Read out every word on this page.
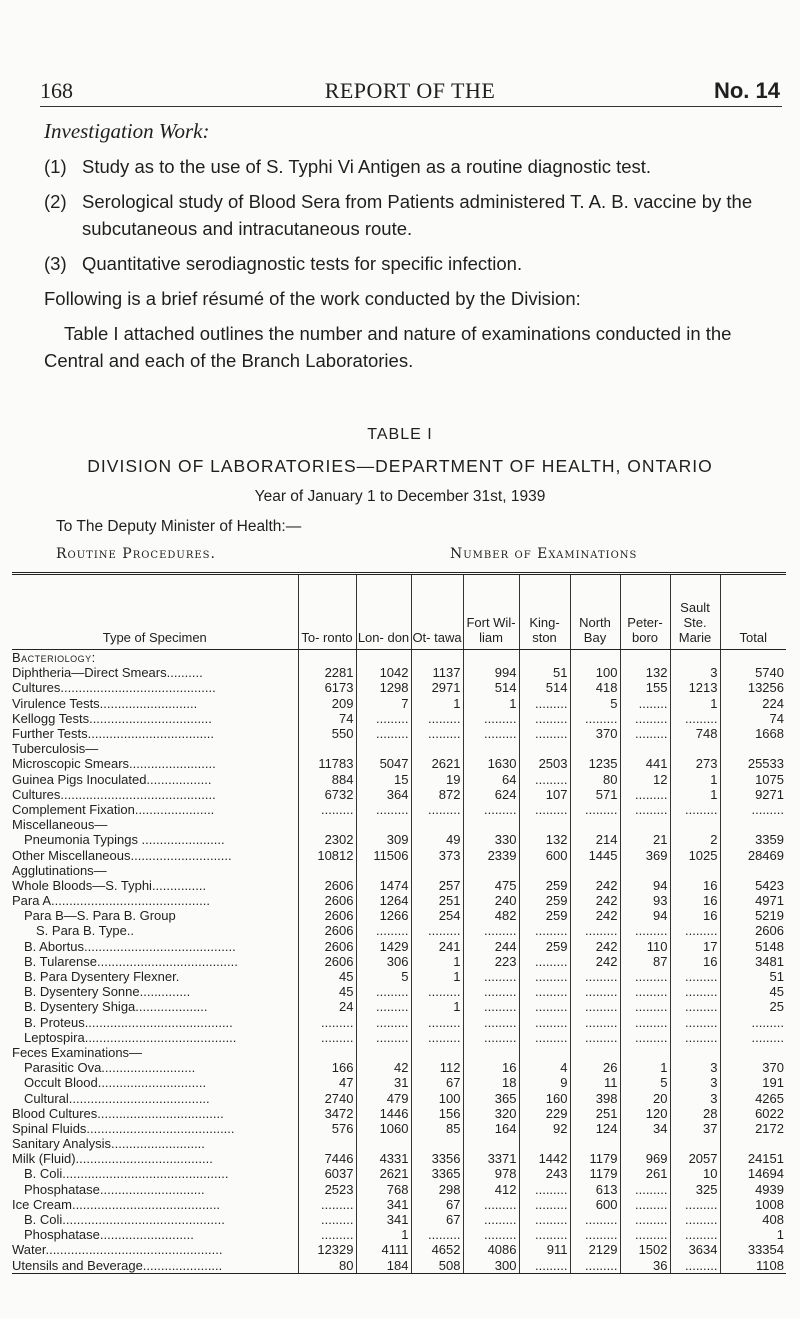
168	REPORT OF THE	No. 14
Investigation Work:
(1) Study as to the use of S. Typhi Vi Antigen as a routine diagnostic test.
(2) Serological study of Blood Sera from Patients administered T. A. B. vaccine by the subcutaneous and intracutaneous route.
(3) Quantitative serodiagnostic tests for specific infection.

Following is a brief résumé of the work conducted by the Division:

Table I attached outlines the number and nature of examinations conducted in the Central and each of the Branch Laboratories.

TABLE I
DIVISION OF LABORATORIES—DEPARTMENT OF HEALTH, ONTARIO
Year of January 1 to December 31st, 1939
To The Deputy Minister of Health:—
Routine Procedures.	Number of Examinations
Type of Specimen	To- ronto	Lon- don	Ot- tawa	Fort Wil- liam	King- ston	North Bay	Peter- boro	Sault Ste. Marie	Total
Bacteriology:									
Diphtheria—Direct Smears..........	2281	1042	1137	994	51	100	132	3	5740
Cultures...........................................	6173	1298	2971	514	514	418	155	1213	13256
Virulence Tests...........................	209	7	1	1	.........	5	........	1	224
Kellogg Tests..................................	74	.........	.........	.........	.........	.........	.........	.........	74
Further Tests...................................	550	.........	.........	.........	.........	370	.........	748	1668
Tuberculosis—									
Microscopic Smears........................	11783	5047	2621	1630	2503	1235	441	273	25533
Guinea Pigs Inoculated..................	884	15	19	64	.........	80	12	1	1075
Cultures...........................................	6732	364	872	624	107	571	.........	1	9271
Complement Fixation......................	.........	.........	.........	.........	.........	.........	.........	.........	.........
Miscellaneous—									
Pneumonia Typings .......................	2302	309	49	330	132	214	21	2	3359
Other Miscellaneous............................	10812	11506	373	2339	600	1445	369	1025	28469
Agglutinations—									
Whole Bloods—S. Typhi...............	2606	1474	257	475	259	242	94	16	5423
Para A............................................	2606	1264	251	240	259	242	93	16	4971
Para B—S. Para B. Group	2606	1266	254	482	259	242	94	16	5219
S. Para B. Type..	2606	.........	.........	.........	.........	.........	.........	.........	2606
B. Abortus..........................................	2606	1429	241	244	259	242	110	17	5148
B. Tularense.......................................	2606	306	1	223	.........	242	87	16	3481
B. Para Dysentery Flexner.	45	5	1	.........	.........	.........	.........	.........	51
B. Dysentery Sonne..............	45	.........	.........	.........	.........	.........	.........	.........	45
B. Dysentery Shiga....................	24	.........	1	.........	.........	.........	.........	.........	25
B. Proteus.........................................	.........	.........	.........	.........	.........	.........	.........	.........	.........
Leptospira..........................................	.........	.........	.........	.........	.........	.........	.........	.........	.........
Feces Examinations—									
Parasitic Ova..........................	166	42	112	16	4	26	1	3	370
Occult Blood..............................	47	31	67	18	9	11	5	3	191
Cultural.......................................	2740	479	100	365	160	398	20	3	4265
Blood Cultures...................................	3472	1446	156	320	229	251	120	28	6022
Spinal Fluids.........................................	576	1060	85	164	92	124	34	37	2172
Sanitary Analysis..........................									
Milk (Fluid)......................................	7446	4331	3356	3371	1442	1179	969	2057	24151
B. Coli..............................................	6037	2621	3365	978	243	1179	261	10	14694
Phosphatase.............................	2523	768	298	412	.........	613	.........	325	4939
Ice Cream.........................................	.........	341	67	.........	.........	600	.........	.........	1008
B. Coli.............................................	.........	341	67	.........	.........	.........	.........	.........	408
Phosphatase..........................	.........	1	.........	.........	.........	.........	.........	.........	1
Water.................................................	12329	4111	4652	4086	911	2129	1502	3634	33354
Utensils and Beverage......................	80	184	508	300	.........	.........	36	.........	1108
